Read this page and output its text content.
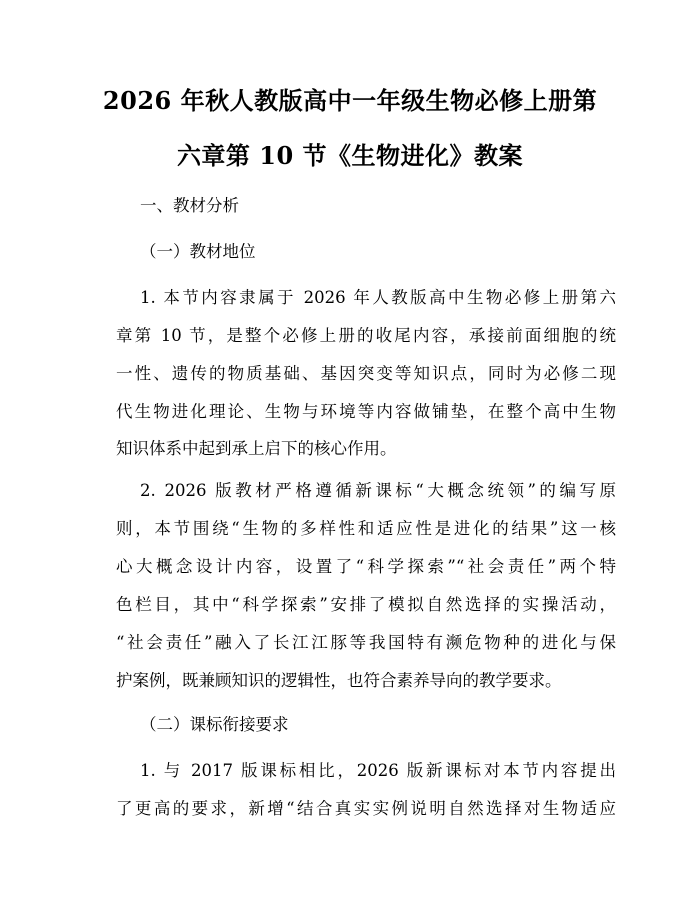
2026 年秋人教版高中一年级生物必修上册第
六章第 10 节《生物进化》教案
一、教材分析
（一）教材地位
1. 本节内容隶属于 2026 年人教版高中生物必修上册第六
章第 10 节，是整个必修上册的收尾内容，承接前面细胞的统
一性、遗传的物质基础、基因突变等知识点，同时为必修二现
代生物进化理论、生物与环境等内容做铺垫，在整个高中生物
知识体系中起到承上启下的核心作用。
2. 2026 版教材严格遵循新课标“大概念统领”的编写原
则，本节围绕“生物的多样性和适应性是进化的结果”这一核
心大概念设计内容，设置了“科学探索”“社会责任”两个特
色栏目，其中“科学探索”安排了模拟自然选择的实操活动，
“社会责任”融入了长江江豚等我国特有濒危物种的进化与保
护案例，既兼顾知识的逻辑性，也符合素养导向的教学要求。
（二）课标衔接要求
1. 与 2017 版课标相比，2026 版新课标对本节内容提出
了更高的要求，新增“结合真实实例说明自然选择对生物适应
